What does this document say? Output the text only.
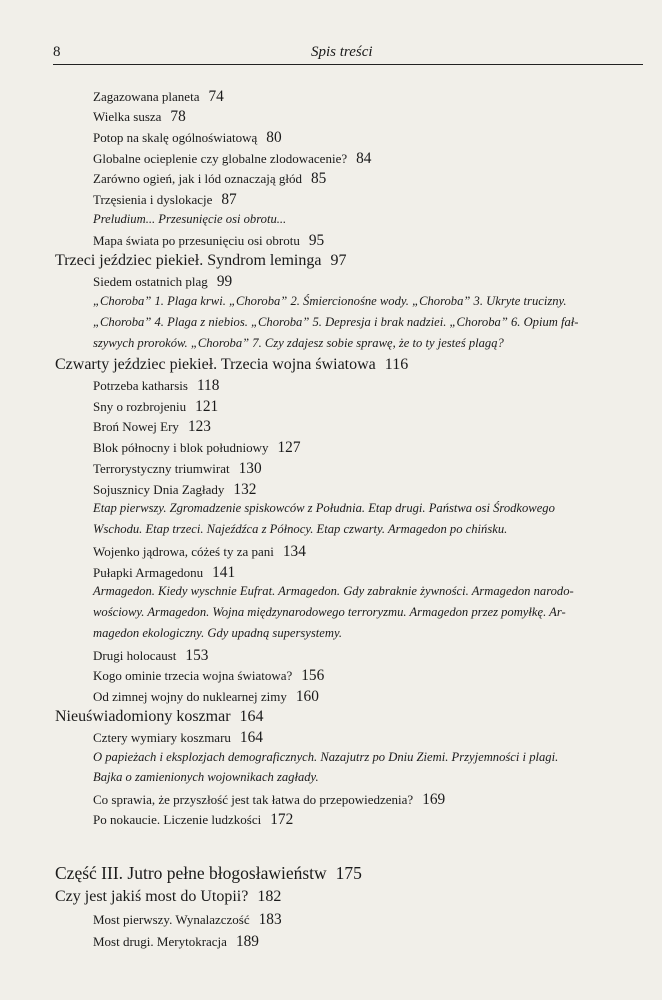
8	Spis treści
Zagazowana planeta 74
Wielka susza 78
Potop na skalę ogólnoświatową 80
Globalne ocieplenie czy globalne zlodowacenie? 84
Zarówno ogień, jak i lód oznaczają głód 85
Trzęsienia i dyslokacje 87
Preludium... Przesunięcie osi obrotu...
Mapa świata po przesunięciu osi obrotu 95
Trzeci jeździec piekieł. Syndrom leminga 97
Siedem ostatnich plag 99
„Choroba” 1. Plaga krwi. „Choroba” 2. Śmiercionośne wody. „Choroba” 3. Ukryte trucizny.
„Choroba” 4. Plaga z niebios. „Choroba” 5. Depresja i brak nadziei. „Choroba” 6. Opium fał-
szywych proroków. „Choroba” 7. Czy zdajesz sobie sprawę, że to ty jesteś plagą?
Czwarty jeździec piekieł. Trzecia wojna światowa 116
Potrzeba katharsis 118
Sny o rozbrojeniu 121
Broń Nowej Ery 123
Blok północny i blok południowy 127
Terrorystyczny triumwirat 130
Sojusznicy Dnia Zagłady 132
Etap pierwszy. Zgromadzenie spiskowców z Południa. Etap drugi. Państwa osi Środkowego
Wschodu. Etap trzeci. Najeźdźca z Północy. Etap czwarty. Armagedon po chińsku.
Wojenko jądrowa, cóżeś ty za pani 134
Pułapki Armagedonu 141
Armagedon. Kiedy wyschnie Eufrat. Armagedon. Gdy zabraknie żywności. Armagedon narodo-
wościowy. Armagedon. Wojna międzynarodowego terroryzmu. Armagedon przez pomyłkę. Ar-
magedon ekologiczny. Gdy upadną supersystemy.
Drugi holocaust 153
Kogo ominie trzecia wojna światowa? 156
Od zimnej wojny do nuklearnej zimy 160
Nieuświadomiony koszmar 164
Cztery wymiary koszmaru 164
O papieżach i eksplozjach demograficznych. Nazajutrz po Dniu Ziemi. Przyjemności i plagi.
Bajka o zamienionych wojownikach zagłady.
Co sprawia, że przyszłość jest tak łatwa do przepowiedzenia? 169
Po nokaucie. Liczenie ludzkości 172
Część III. Jutro pełne błogosławieństw 175
Czy jest jakiś most do Utopii? 182
Most pierwszy. Wynalazczość 183
Most drugi. Merytokracja 189
